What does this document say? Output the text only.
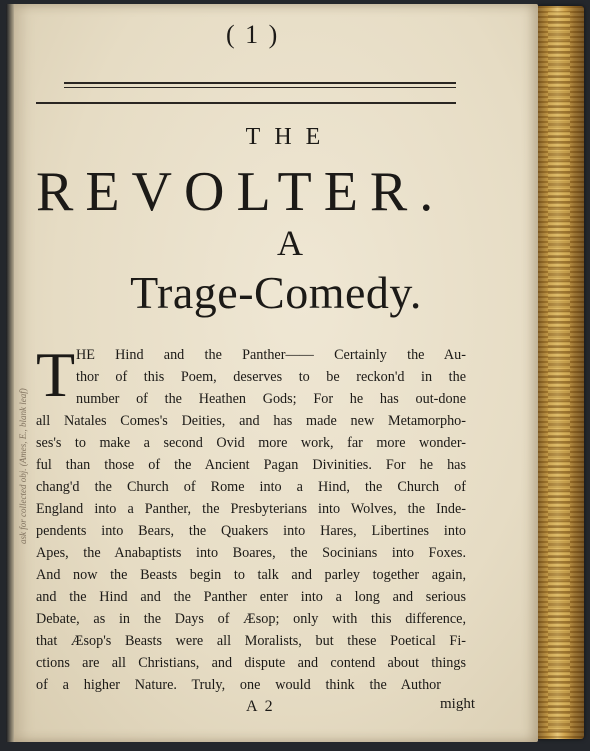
( 1 )
THE
REVOLTER.
A
Trage-Comedy.
T HE Hind and the Panther—— Certainly the Au-
thor of this Poem, deserves to be reckon'd in the
number of the Heathen Gods; For he has out-done
all Natales Comes's Deities, and has made new Metamorpho-
ses's to make a second Ovid more work, far more wonder-
ful than those of the Ancient Pagan Divinities. For he has
chang'd the Church of Rome into a Hind, the Church of
England into a Panther, the Presbyterians into Wolves, the Inde-
pendents into Bears, the Quakers into Hares, Libertines into
Apes, the Anabaptists into Boares, the Socinians into Foxes.
And now the Beasts begin to talk and parley together again,
and the Hind and the Panther enter into a long and serious
Debate, as in the Days of Æsop; only with this difference,
that Æsop's Beasts were all Moralists, but these Poetical Fi-
ctions are all Christians, and dispute and contend about things
of a higher Nature. Truly, one would think the Author
A 2	might
ask for collected obj. (Ames, E., blank leaf)
